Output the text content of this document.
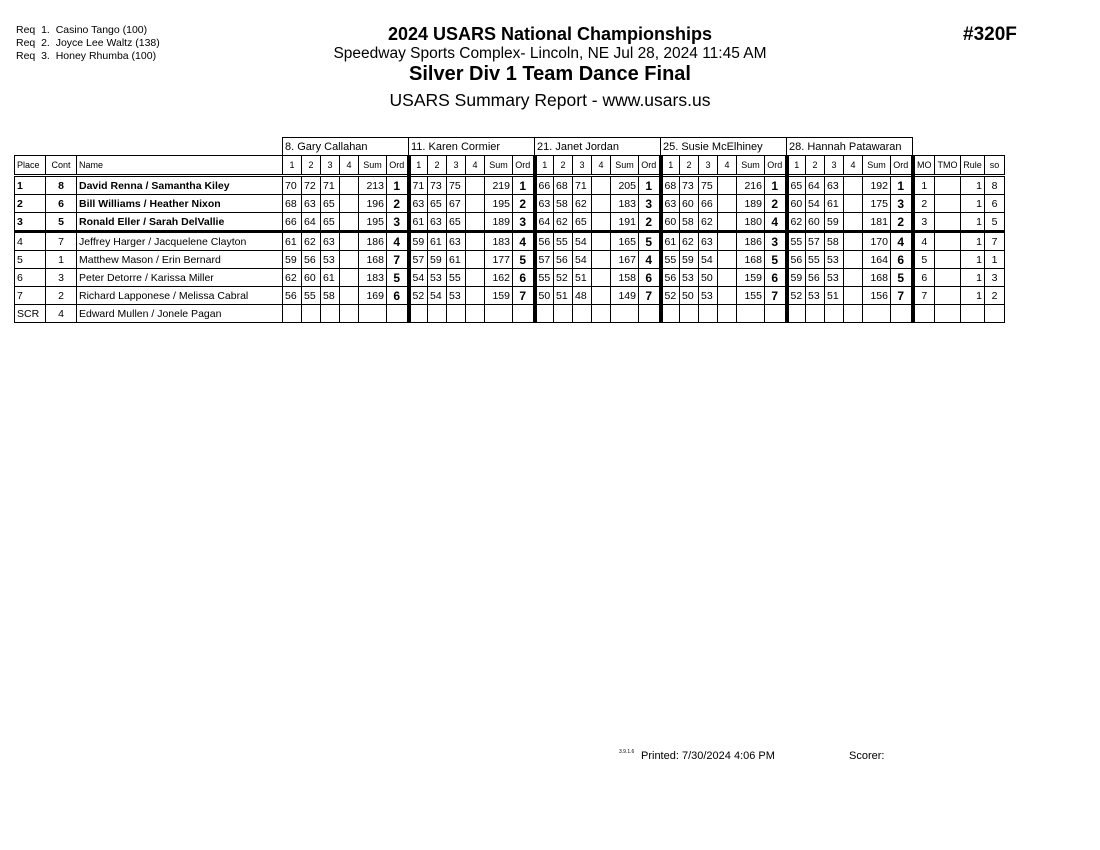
Req  1.  Casino Tango (100)
Req  2.  Joyce Lee Waltz (138)
Req  3.  Honey Rhumba (100)
2024 USARS National Championships
Speedway Sports Complex- Lincoln, NE Jul 28, 2024 11:45 AM
Silver Div 1 Team Dance Final
USARS Summary Report - www.usars.us
#320F
			8. Gary Callahan						11. Karen Cormier						21. Janet Jordan						25. Susie McElhiney						28. Hannah Patawaran									
Place	Cont	Name	1	2	3	4	Sum	Ord	1	2	3	4	Sum	Ord	1	2	3	4	Sum	Ord	1	2	3	4	Sum	Ord	1	2	3	4	Sum	Ord	MO	TMO	Rule	so
1	8	David Renna / Samantha Kiley	70	72	71		213	1	71	73	75		219	1	66	68	71		205	1	68	73	75		216	1	65	64	63		192	1	1		1	8
2	6	Bill Williams / Heather Nixon	68	63	65		196	2	63	65	67		195	2	63	58	62		183	3	63	60	66		189	2	60	54	61		175	3	2		1	6
3	5	Ronald Eller / Sarah DelVallie	66	64	65		195	3	61	63	65		189	3	64	62	65		191	2	60	58	62		180	4	62	60	59		181	2	3		1	5
4	7	Jeffrey Harger / Jacquelene Clayton	61	62	63		186	4	59	61	63		183	4	56	55	54		165	5	61	62	63		186	3	55	57	58		170	4	4		1	7
5	1	Matthew Mason / Erin Bernard	59	56	53		168	7	57	59	61		177	5	57	56	54		167	4	55	59	54		168	5	56	55	53		164	6	5		1	1
6	3	Peter Detorre / Karissa Miller	62	60	61		183	5	54	53	55		162	6	55	52	51		158	6	56	53	50		159	6	59	56	53		168	5	6		1	3
7	2	Richard Lapponese / Melissa Cabral	56	55	58		169	6	52	54	53		159	7	50	51	48		149	7	52	50	53		155	7	52	53	51		156	7	7		1	2
SCR	4	Edward Mullen / Jonele Pagan																																		
3.9.1.6 Printed: 7/30/2024 4:06 PM	Scorer:
